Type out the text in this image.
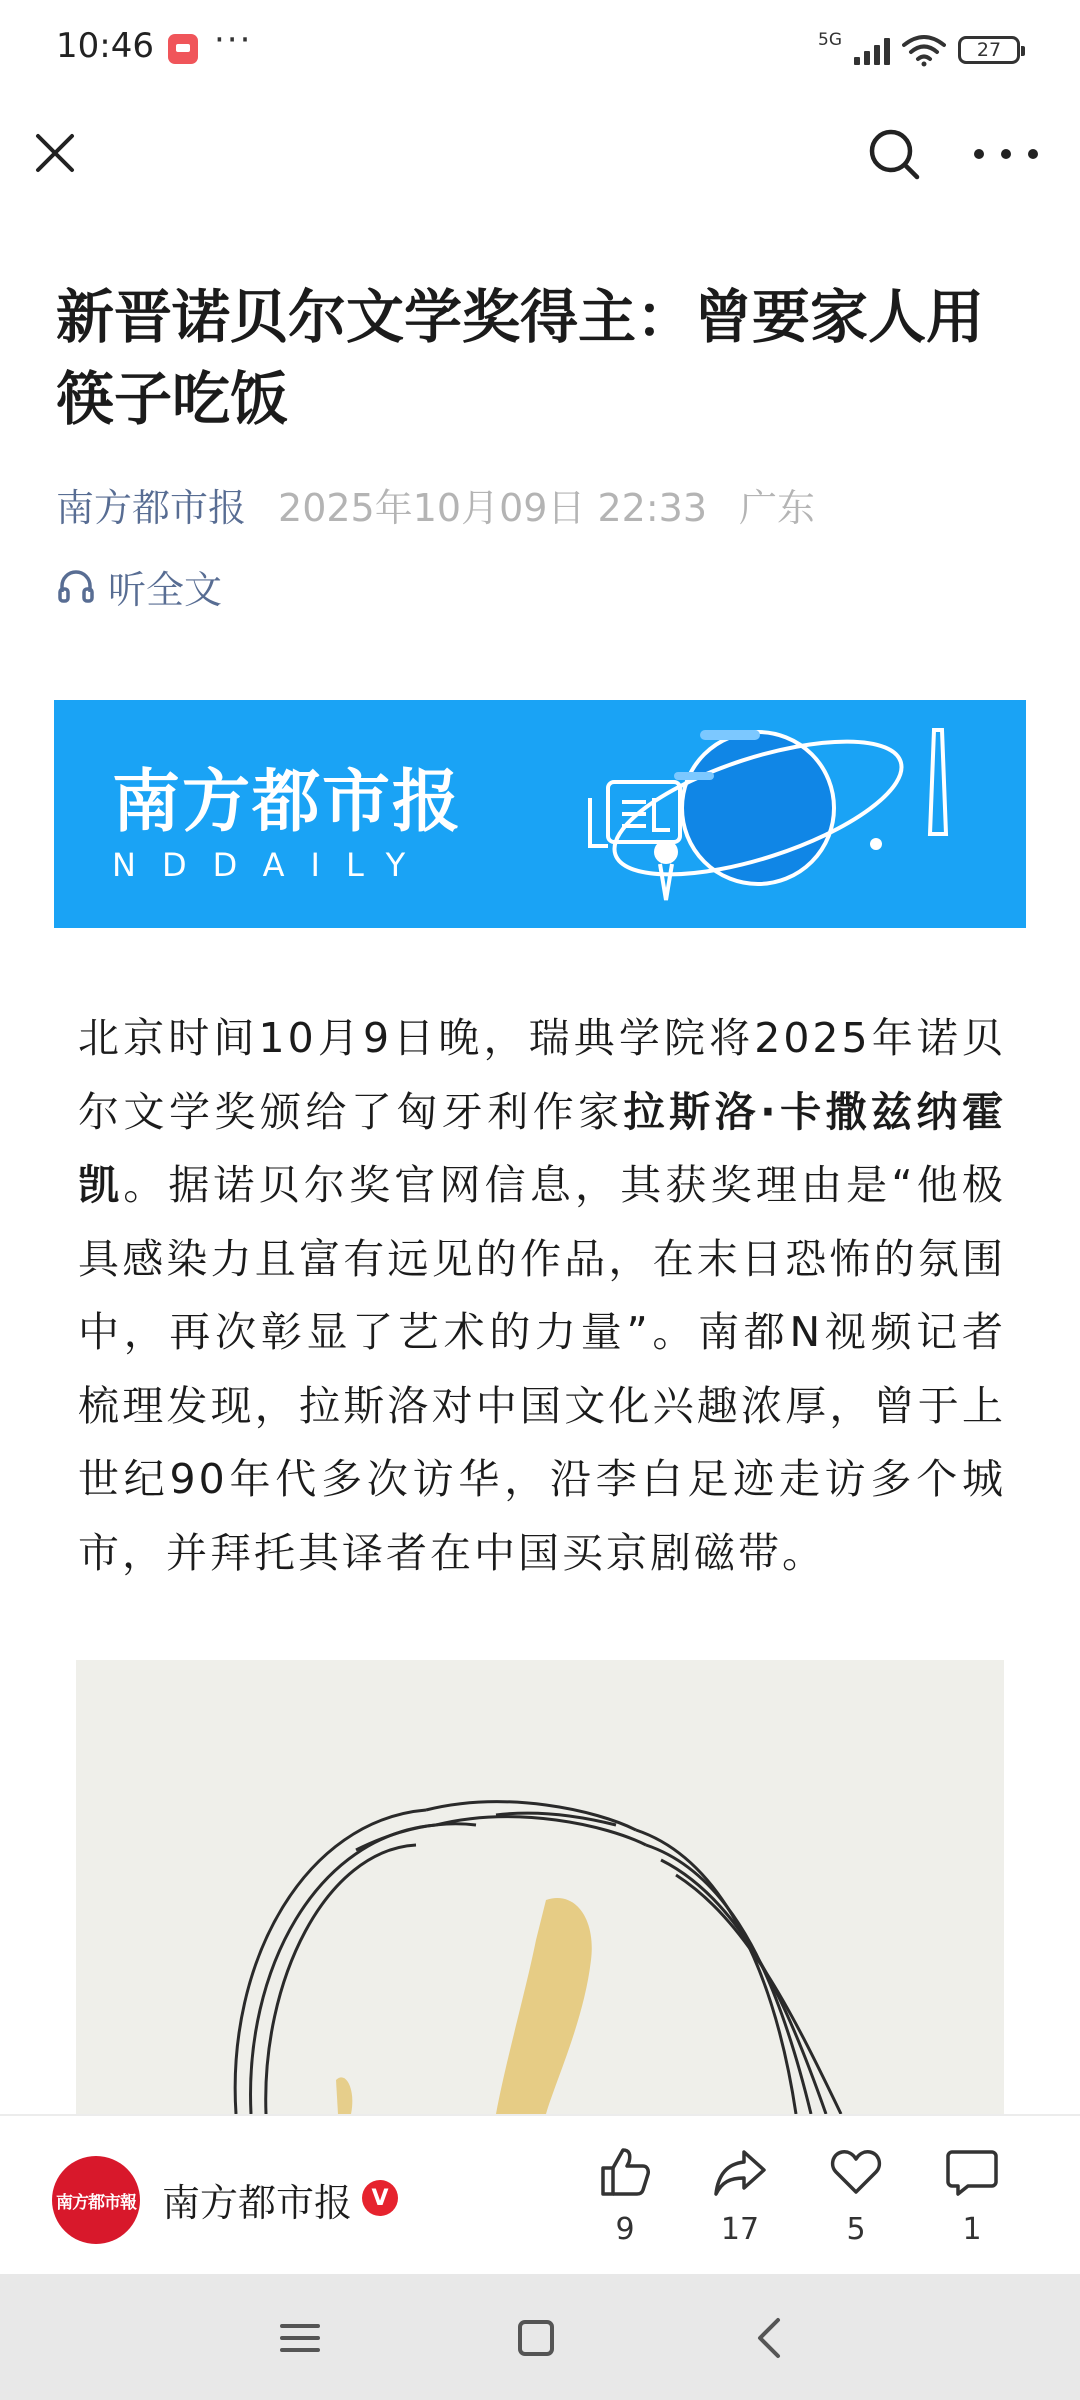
10:46 ···	5G	27
新晋诺贝尔文学奖得主：曾要家人用筷子吃饭
南方都市报 2025年10月09日 22:33 广东
听全文
南方都市报
NDDAILY

北京时间10月9日晚，瑞典学院将2025年诺贝尔文学奖颁给了匈牙利作家拉斯洛·卡撒兹纳霍凯。据诺贝尔奖官网信息，其获奖理由是“他极具感染力且富有远见的作品，在末日恐怖的氛围中，再次彰显了艺术的力量”。南都N视频记者梳理发现，拉斯洛对中国文化兴趣浓厚，曾于上世纪90年代多次访华，沿李白足迹走访多个城市，并拜托其译者在中国买京剧磁带。

南方都市報 南方都市报 V
9	17	5	1
